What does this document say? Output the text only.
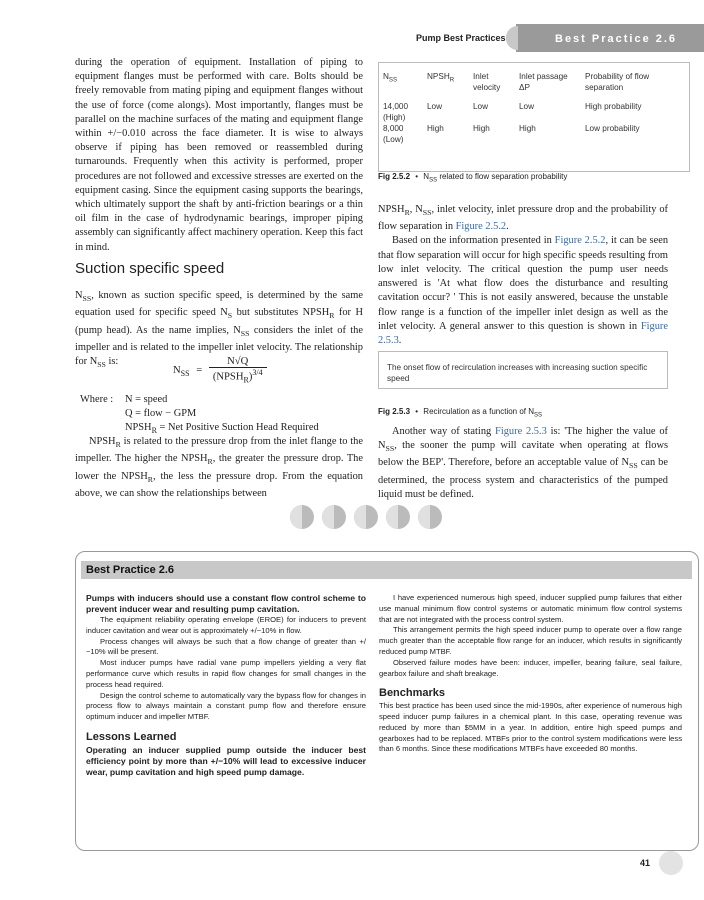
Pump Best Practices	Best Practice 2.6

during the operation of equipment. Installation of piping to equipment flanges must be performed with care. Bolts should be freely removable from mating piping and equipment flanges without the use of force (come alongs). Most importantly, flanges must be parallel on the machine surfaces of the mating and equipment flange within +/−0.010 across the face diameter. It is wise to always observe if piping has been removed or reassembled during turnarounds. Frequently when this activity is performed, proper procedures are not followed and excessive stresses are exerted on the equipment casing. Since the equipment casing supports the bearings, which ultimately support the shaft by anti-friction bearings or a thin oil film in the case of hydrodynamic bearings, improper piping assembly can significantly affect machinery operation. Keep this fact in mind.

Suction specific speed

$N_{SS}$, known as suction specific speed, is determined by the same equation used for specific speed $N_S$ but substitutes $NPSH_R$ for H (pump head). As the name implies, $N_{SS}$ considers the inlet of the impeller and is related to the impeller inlet velocity. The relationship for $N_{SS}$ is:

$N_{SS} = \frac{N√Q}{(NPSH_R)^{3/4}}$
Where :	N = speed
Q = flow − GPM
$NPSH_R$ = Net Positive Suction Head Required

$NPSH_R$ is related to the pressure drop from the inlet flange to the impeller. The higher the $NPSH_R$, the greater the pressure drop. The lower the $NPSH_R$, the less the pressure drop. From the equation above, we can show the relationships between

$N_{SS}$	$NPSH_R$	Inlet velocity	Inlet passage ΔP	Probability of flow separation

14,000 (High)	Low	Low	Low	High probability
8,000 (Low)	High	High	High	Low probability
Fig 2.5.2 • $N_{SS}$ related to flow separation probability

$NPSH_R$, $N_{SS}$, inlet velocity, inlet pressure drop and the probability of flow separation in Figure 2.5.2.

Based on the information presented in Figure 2.5.2, it can be seen that flow separation will occur for high specific speeds resulting from low inlet velocity. The critical question the pump user needs answered is 'At what flow does the disturbance and resulting cavitation occur? ' This is not easily answered, because the unstable flow range is a function of the impeller inlet design as well as the inlet velocity. A general answer to this question is shown in Figure 2.5.3.

The onset flow of recirculation increases with increasing suction specific speed
Fig 2.5.3 • Recirculation as a function of $N_{SS}$

Another way of stating Figure 2.5.3 is: 'The higher the value of $N_{SS}$, the sooner the pump will cavitate when operating at flows below the BEP'. Therefore, before an acceptable value of $N_{SS}$ can be determined, the process system and characteristics of the pumped liquid must be defined.

Best Practice 2.6

Pumps with inducers should use a constant flow control scheme to prevent inducer wear and resulting pump cavitation.

The equipment reliability operating envelope (EROE) for inducers to prevent inducer cavitation and wear out is approximately +/−10% in flow.

Process changes will always be such that a flow change of greater than +/−10% will be present.

Most inducer pumps have radial vane pump impellers yielding a very flat performance curve which results in rapid flow changes for small changes in the process head required.

Design the control scheme to automatically vary the bypass flow for changes in process flow to always maintain a constant pump flow and therefore ensure optimum inducer and impeller MTBF.

Lessons Learned

Operating an inducer supplied pump outside the inducer best efficiency point by more than +/−10% will lead to excessive inducer wear, pump cavitation and high speed pump damage.

I have experienced numerous high speed, inducer supplied pump failures that either use manual minimum flow control systems or automatic minimum flow control systems that are not integrated with the process control system.

This arrangement permits the high speed inducer pump to operate over a flow range much greater than the acceptable flow range for an inducer, which results in significantly reduced pump MTBF.

Observed failure modes have been: inducer, impeller, bearing failure, seal failure, gearbox failure and shaft breakage.

Benchmarks

This best practice has been used since the mid-1990s, after experience of numerous high speed inducer pump failures in a chemical plant. In this case, operating revenue was reduced by more than $5MM in a year. In addition, entire high speed pumps and gearboxes had to be replaced. MTBFs prior to the control system modifications were less than 6 months. Since these modifications MTBFs have exceeded 80 months.

41
